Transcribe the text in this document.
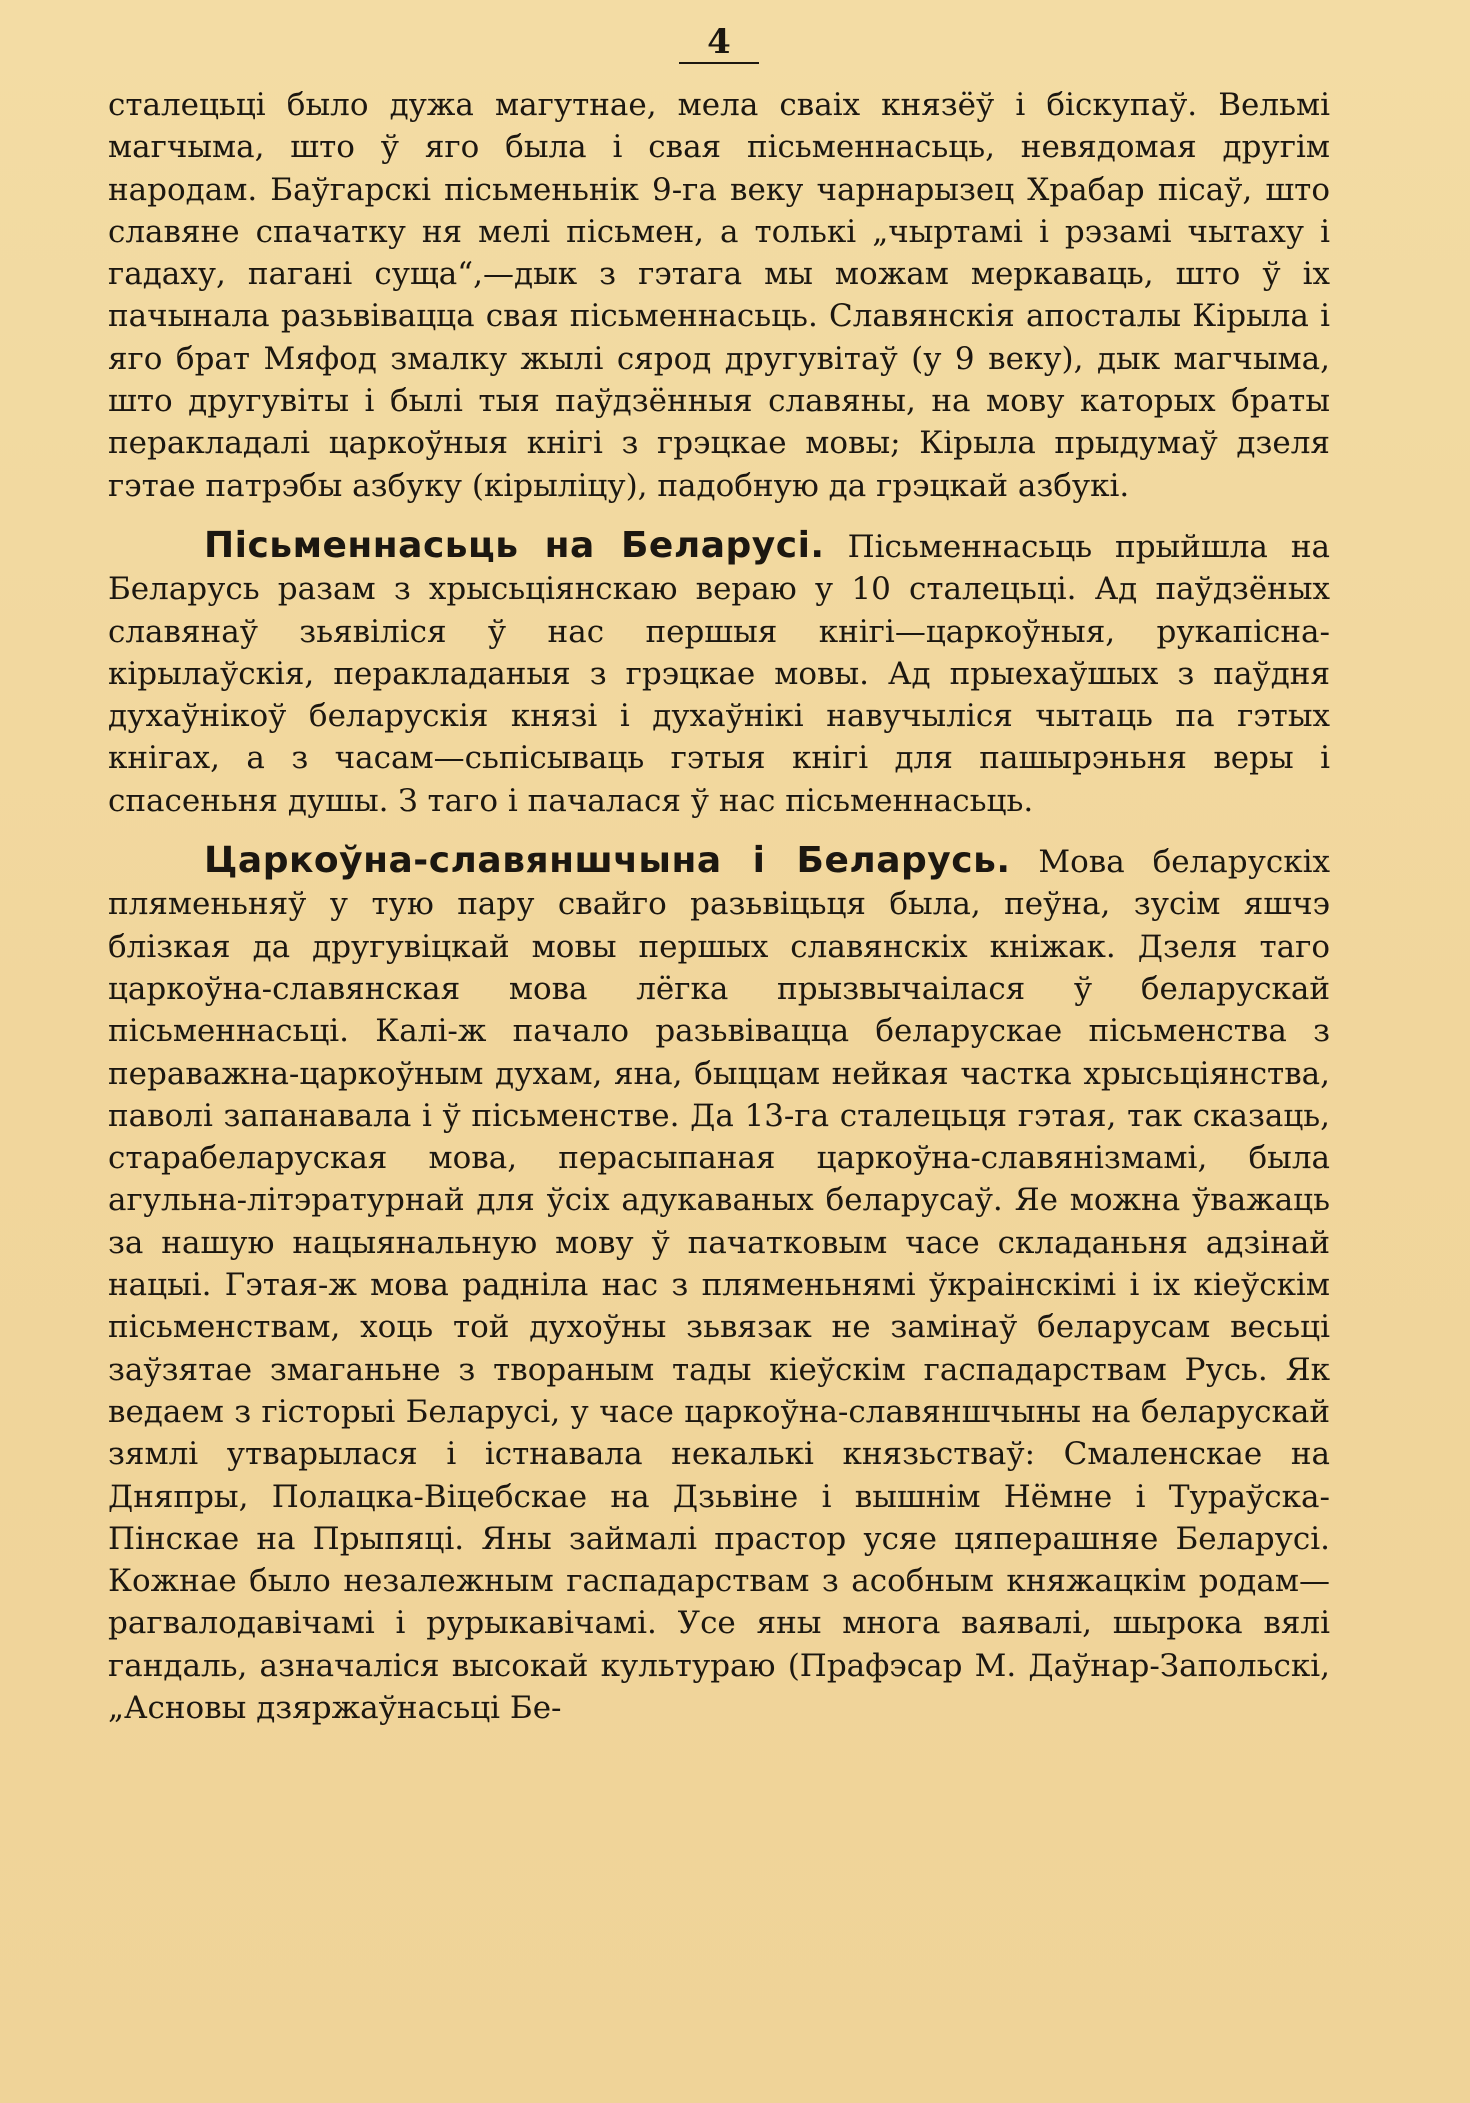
4

сталецьці было дужа магутнае, мела сваіх князёў і біскупаў. Вельмі магчыма, што ў яго была і свая пісьменнасьць, невядомая другім народам. Баўгарскі пісьменьнік 9-га веку чарнарызец Храбар пісаў, што славяне спачатку ня мелі пісьмен, а толькі „чыртамі і рэзамі чытаху і гадаху, пагані суща“,—дык з гэтага мы можам меркаваць, што ў іх пачынала разьвівацца свая пісьменнасьць. Славянскія апосталы Кірыла і яго брат Мяфод змалку жылі сярод другувітаў (у 9 веку), дык магчыма, што другувіты і былі тыя паўдзённыя славяны, на мову каторых браты перакладалі царкоўныя кнігі з грэцкае мовы; Кірыла прыдумаў дзеля гэтае патрэбы азбуку (кірыліцу), падобную да грэцкай азбукі.

Пісьменнасьць на Беларусі. Пісьменнасьць прыйшла на Беларусь разам з хрысьціянскаю вераю у 10 сталецьці. Ад паўдзёных славянаў зьявіліся ў нас першыя кнігі—царкоўныя, рукапісна-кірылаўскія, перакладаныя з грэцкае мовы. Ад прыехаўшых з паўдня духаўнікоў беларускія князі і духаўнікі навучыліся чытаць па гэтых кнігах, а з часам—сьпісываць гэтыя кнігі для пашырэньня веры і спасеньня душы. З таго і пачалася ў нас пісьменнасьць.

Царкоўна-славяншчына і Беларусь. Мова беларускіх пляменьняў у тую пару свайго разьвіцьця была, пеўна, зусім яшчэ блізкая да другувіцкай мовы першых славянскіх кніжак. Дзеля таго царкоўна-славянская мова лёгка прызвычаілася ў беларускай пісьменнасьці. Калі-ж пачало разьвівацца беларускае пісьменства з пераважна-царкоўным духам, яна, быццам нейкая частка хрысьціянства, паволі запанавала і ў пісьменстве. Да 13-га сталецьця гэтая, так сказаць, старабеларуская мова, перасыпаная царкоўна-славянізмамі, была агульна-літэратурнай для ўсіх адукаваных беларусаў. Яе можна ўважаць за нашую нацыянальную мову ў пачатковым часе складаньня адзінай нацыі. Гэтая-ж мова раднiла нас з пляменьнямі ўкраінскімі і іх кіеўскім пісьменствам, хоць той духоўны зьвязак не замінаў беларусам весьці заўзятае змаганьне з твораным тады кіеўскім гаспадарствам Русь. Як ведаем з гісторыі Беларусі, у часе царкоўна-славяншчыны на беларускай зямлі утварылася і істнавала некалькі князьстваў: Смаленскае на Дняпры, Полацка-Віцебскае на Дзьвіне і вышнім Нёмне і Тураўска-Пінскае на Прыпяці. Яны займалі прастор усяе цяперашняе Беларусі. Кожнае было незалежным гаспадарствам з асобным княжацкім родам—рагвалодавічамі і рурыкавічамі. Усе яны многа ваявалі, шырока вялі гандаль, азначаліся высокай культураю (Прафэсар М. Даўнар-Запольскі, „Асновы дзяржаўнасьці Бе-
